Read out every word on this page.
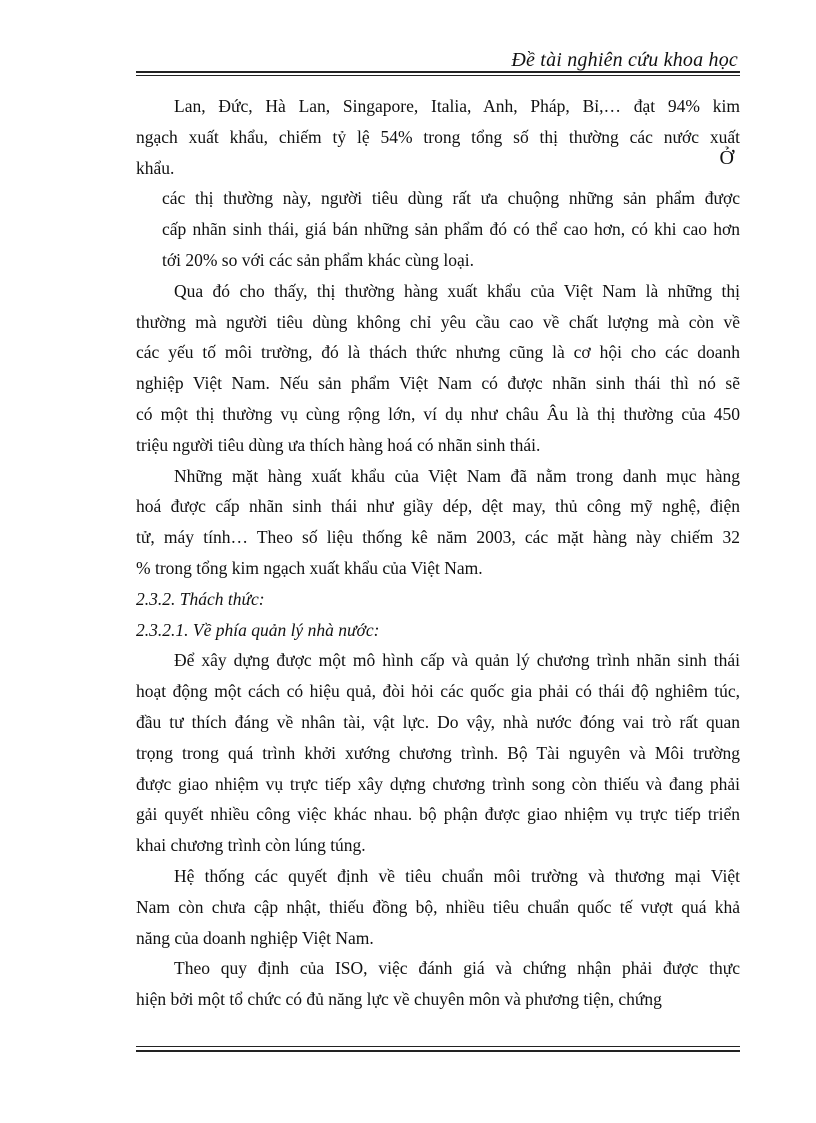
Đề tài nghiên cứu khoa học
Lan, Đức, Hà Lan, Singapore, Italia, Anh, Pháp, Bỉ,… đạt 94% kim
ngạch xuất khẩu, chiếm tỷ lệ 54% trong tổng số thị thường các nước xuất
khẩu.	Ở
các thị thường này, người tiêu dùng rất ưa chuộng những sản phẩm được
cấp nhãn sinh thái, giá bán những sản phẩm đó có thể cao hơn, có khi cao hơn
tới 20% so với các sản phẩm khác cùng loại.
Qua đó cho thấy, thị thường hàng xuất khẩu của Việt Nam là những thị
thường mà người tiêu dùng không chỉ yêu cầu cao về chất lượng mà còn về
các yếu tố môi trường, đó là thách thức nhưng cũng là cơ hội cho các doanh
nghiệp Việt Nam. Nếu sản phẩm Việt Nam có được nhãn sinh thái thì nó sẽ
có một thị thường vụ cùng rộng lớn, ví dụ như châu Âu là thị thường của 450
triệu người tiêu dùng ưa thích hàng hoá có nhãn sinh thái.
Những mặt hàng xuất khẩu của Việt Nam đã nằm trong danh mục hàng
hoá được cấp nhãn sinh thái như giầy dép, dệt may, thủ công mỹ nghệ, điện
tử, máy tính… Theo số liệu thống kê năm 2003, các mặt hàng này chiếm 32
% trong tổng kim ngạch xuất khẩu của Việt Nam.
2.3.2. Thách thức:
2.3.2.1. Về phía quản lý nhà nước:
Để xây dựng được một mô hình cấp và quản lý chương trình nhãn sinh thái
hoạt động một cách có hiệu quả, đòi hỏi các quốc gia phải có thái độ nghiêm túc,
đầu tư thích đáng về nhân tài, vật lực. Do vậy, nhà nước đóng vai trò rất quan
trọng trong quá trình khởi xướng chương trình. Bộ Tài nguyên và Môi trường
được giao nhiệm vụ trực tiếp xây dựng chương trình song còn thiếu và đang phải
gải quyết nhiều công việc khác nhau. bộ phận được giao nhiệm vụ trực tiếp triển
khai chương trình còn lúng túng.
Hệ thống các quyết định về tiêu chuẩn môi trường và thương mại Việt
Nam còn chưa cập nhật, thiếu đồng bộ, nhiều tiêu chuẩn quốc tế vượt quá khả
năng của doanh nghiệp Việt Nam.
Theo quy định của ISO, việc đánh giá và chứng nhận phải được thực
hiện bởi một tổ chức có đủ năng lực về chuyên môn và phương tiện, chứng
